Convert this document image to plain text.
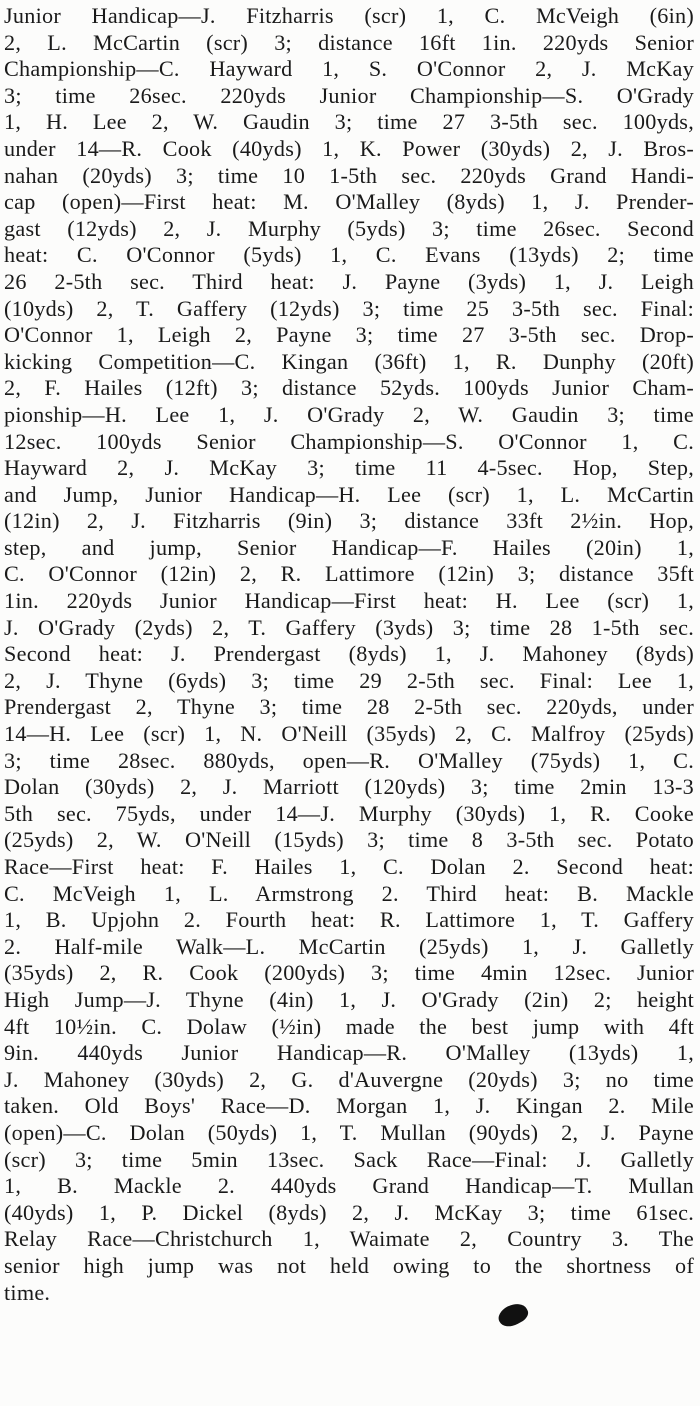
Junior Handicap—J. Fitzharris (scr) 1, C. McVeigh (6in)
2, L. McCartin (scr) 3; distance 16ft 1in. 220yds Senior
Championship—C. Hayward 1, S. O'Connor 2, J. McKay
3; time 26sec. 220yds Junior Championship—S. O'Grady
1, H. Lee 2, W. Gaudin 3; time 27 3-5th sec. 100yds,
under 14—R. Cook (40yds) 1, K. Power (30yds) 2, J. Bros-
nahan (20yds) 3; time 10 1-5th sec. 220yds Grand Handi-
cap (open)—First heat: M. O'Malley (8yds) 1, J. Prender-
gast (12yds) 2, J. Murphy (5yds) 3; time 26sec. Second
heat: C. O'Connor (5yds) 1, C. Evans (13yds) 2; time
26 2-5th sec. Third heat: J. Payne (3yds) 1, J. Leigh
(10yds) 2, T. Gaffery (12yds) 3; time 25 3-5th sec. Final:
O'Connor 1, Leigh 2, Payne 3; time 27 3-5th sec. Drop-
kicking Competition—C. Kingan (36ft) 1, R. Dunphy (20ft)
2, F. Hailes (12ft) 3; distance 52yds. 100yds Junior Cham-
pionship—H. Lee 1, J. O'Grady 2, W. Gaudin 3; time
12sec. 100yds Senior Championship—S. O'Connor 1, C.
Hayward 2, J. McKay 3; time 11 4-5sec. Hop, Step,
and Jump, Junior Handicap—H. Lee (scr) 1, L. McCartin
(12in) 2, J. Fitzharris (9in) 3; distance 33ft 2½in. Hop,
step, and jump, Senior Handicap—F. Hailes (20in) 1,
C. O'Connor (12in) 2, R. Lattimore (12in) 3; distance 35ft
1in. 220yds Junior Handicap—First heat: H. Lee (scr) 1,
J. O'Grady (2yds) 2, T. Gaffery (3yds) 3; time 28 1-5th sec.
Second heat: J. Prendergast (8yds) 1, J. Mahoney (8yds)
2, J. Thyne (6yds) 3; time 29 2-5th sec. Final: Lee 1,
Prendergast 2, Thyne 3; time 28 2-5th sec. 220yds, under
14—H. Lee (scr) 1, N. O'Neill (35yds) 2, C. Malfroy (25yds)
3; time 28sec. 880yds, open—R. O'Malley (75yds) 1, C.
Dolan (30yds) 2, J. Marriott (120yds) 3; time 2min 13-3
5th sec. 75yds, under 14—J. Murphy (30yds) 1, R. Cooke
(25yds) 2, W. O'Neill (15yds) 3; time 8 3-5th sec. Potato
Race—First heat: F. Hailes 1, C. Dolan 2. Second heat:
C. McVeigh 1, L. Armstrong 2. Third heat: B. Mackle
1, B. Upjohn 2. Fourth heat: R. Lattimore 1, T. Gaffery
2. Half-mile Walk—L. McCartin (25yds) 1, J. Galletly
(35yds) 2, R. Cook (200yds) 3; time 4min 12sec. Junior
High Jump—J. Thyne (4in) 1, J. O'Grady (2in) 2; height
4ft 10½in. C. Dolaw (½in) made the best jump with 4ft
9in. 440yds Junior Handicap—R. O'Malley (13yds) 1,
J. Mahoney (30yds) 2, G. d'Auvergne (20yds) 3; no time
taken. Old Boys' Race—D. Morgan 1, J. Kingan 2. Mile
(open)—C. Dolan (50yds) 1, T. Mullan (90yds) 2, J. Payne
(scr) 3; time 5min 13sec. Sack Race—Final: J. Galletly
1, B. Mackle 2. 440yds Grand Handicap—T. Mullan
(40yds) 1, P. Dickel (8yds) 2, J. McKay 3; time 61sec.
Relay Race—Christchurch 1, Waimate 2, Country 3. The
senior high jump was not held owing to the shortness of
time.
